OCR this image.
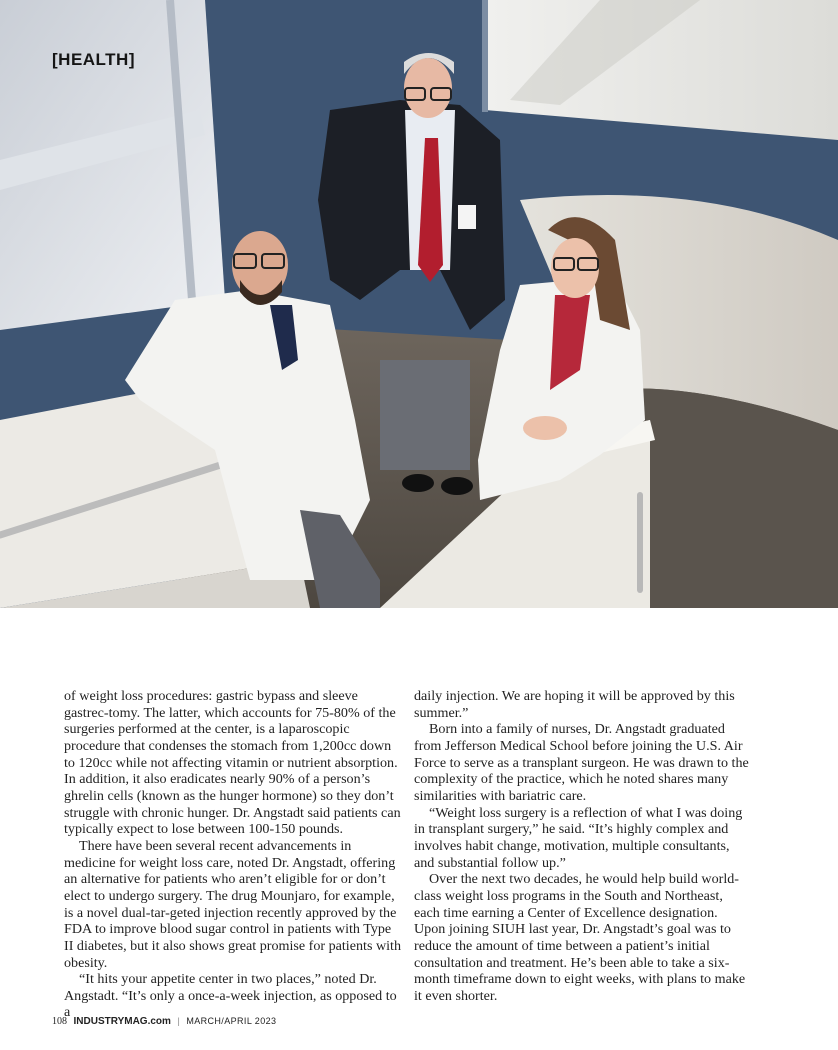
[HEALTH]

of weight loss procedures: gastric bypass and sleeve gastrec-tomy. The latter, which accounts for 75-80% of the surgeries performed at the center, is a laparoscopic procedure that condenses the stomach from 1,200cc down to 120cc while not affecting vitamin or nutrient absorption. In addition, it also eradicates nearly 90% of a person’s ghrelin cells (known as the hunger hormone) so they don’t struggle with chronic hunger. Dr. Angstadt said patients can typically expect to lose between 100-150 pounds.

There have been several recent advancements in medicine for weight loss care, noted Dr. Angstadt, offering an alternative for patients who aren’t eligible for or don’t elect to undergo surgery. The drug Mounjaro, for example, is a novel dual-tar-geted injection recently approved by the FDA to improve blood sugar control in patients with Type II diabetes, but it also shows great promise for patients with obesity.

“It hits your appetite center in two places,” noted Dr. Angstadt. “It’s only a once-a-week injection, as opposed to a

daily injection. We are hoping it will be approved by this summer.”

Born into a family of nurses, Dr. Angstadt graduated from Jefferson Medical School before joining the U.S. Air Force to serve as a transplant surgeon. He was drawn to the complexity of the practice, which he noted shares many similarities with bariatric care.

“Weight loss surgery is a reflection of what I was doing in transplant surgery,” he said. “It’s highly complex and involves habit change, motivation, multiple consultants, and substantial follow up.”

Over the next two decades, he would help build world-class weight loss programs in the South and Northeast, each time earning a Center of Excellence designation. Upon joining SIUH last year, Dr. Angstadt’s goal was to reduce the amount of time between a patient’s initial consultation and treatment. He’s been able to take a six-month timeframe down to eight weeks, with plans to make it even shorter.

108 INDUSTRYMAG.com | MARCH/APRIL 2023
